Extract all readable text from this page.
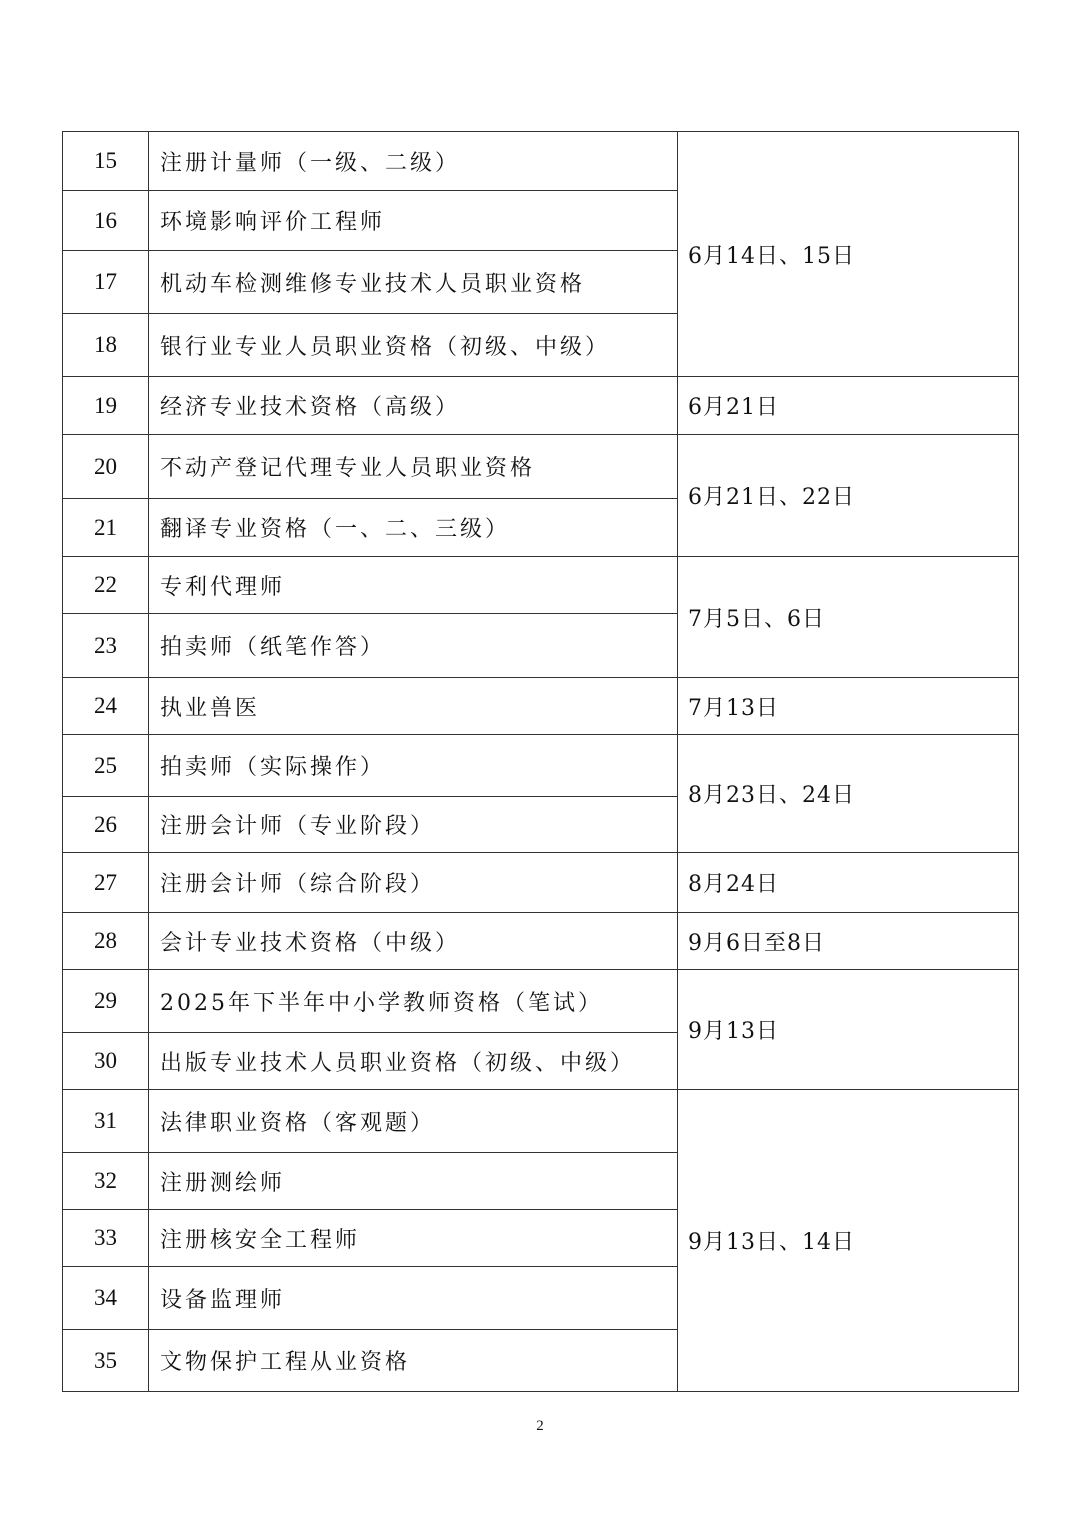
15	注册计量师（一级、二级）	6月14日、15日
16	环境影响评价工程师	
17	机动车检测维修专业技术人员职业资格	
18	银行业专业人员职业资格（初级、中级）	
19	经济专业技术资格（高级）	6月21日
20	不动产登记代理专业人员职业资格	6月21日、22日
21	翻译专业资格（一、二、三级）	
22	专利代理师	7月5日、6日
23	拍卖师（纸笔作答）	
24	执业兽医	7月13日
25	拍卖师（实际操作）	8月23日、24日
26	注册会计师（专业阶段）	
27	注册会计师（综合阶段）	8月24日
28	会计专业技术资格（中级）	9月6日至8日
29	2025年下半年中小学教师资格（笔试）	9月13日
30	出版专业技术人员职业资格（初级、中级）	
31	法律职业资格（客观题）	9月13日、14日
32	注册测绘师	
33	注册核安全工程师	
34	设备监理师	
35	文物保护工程从业资格	
2
